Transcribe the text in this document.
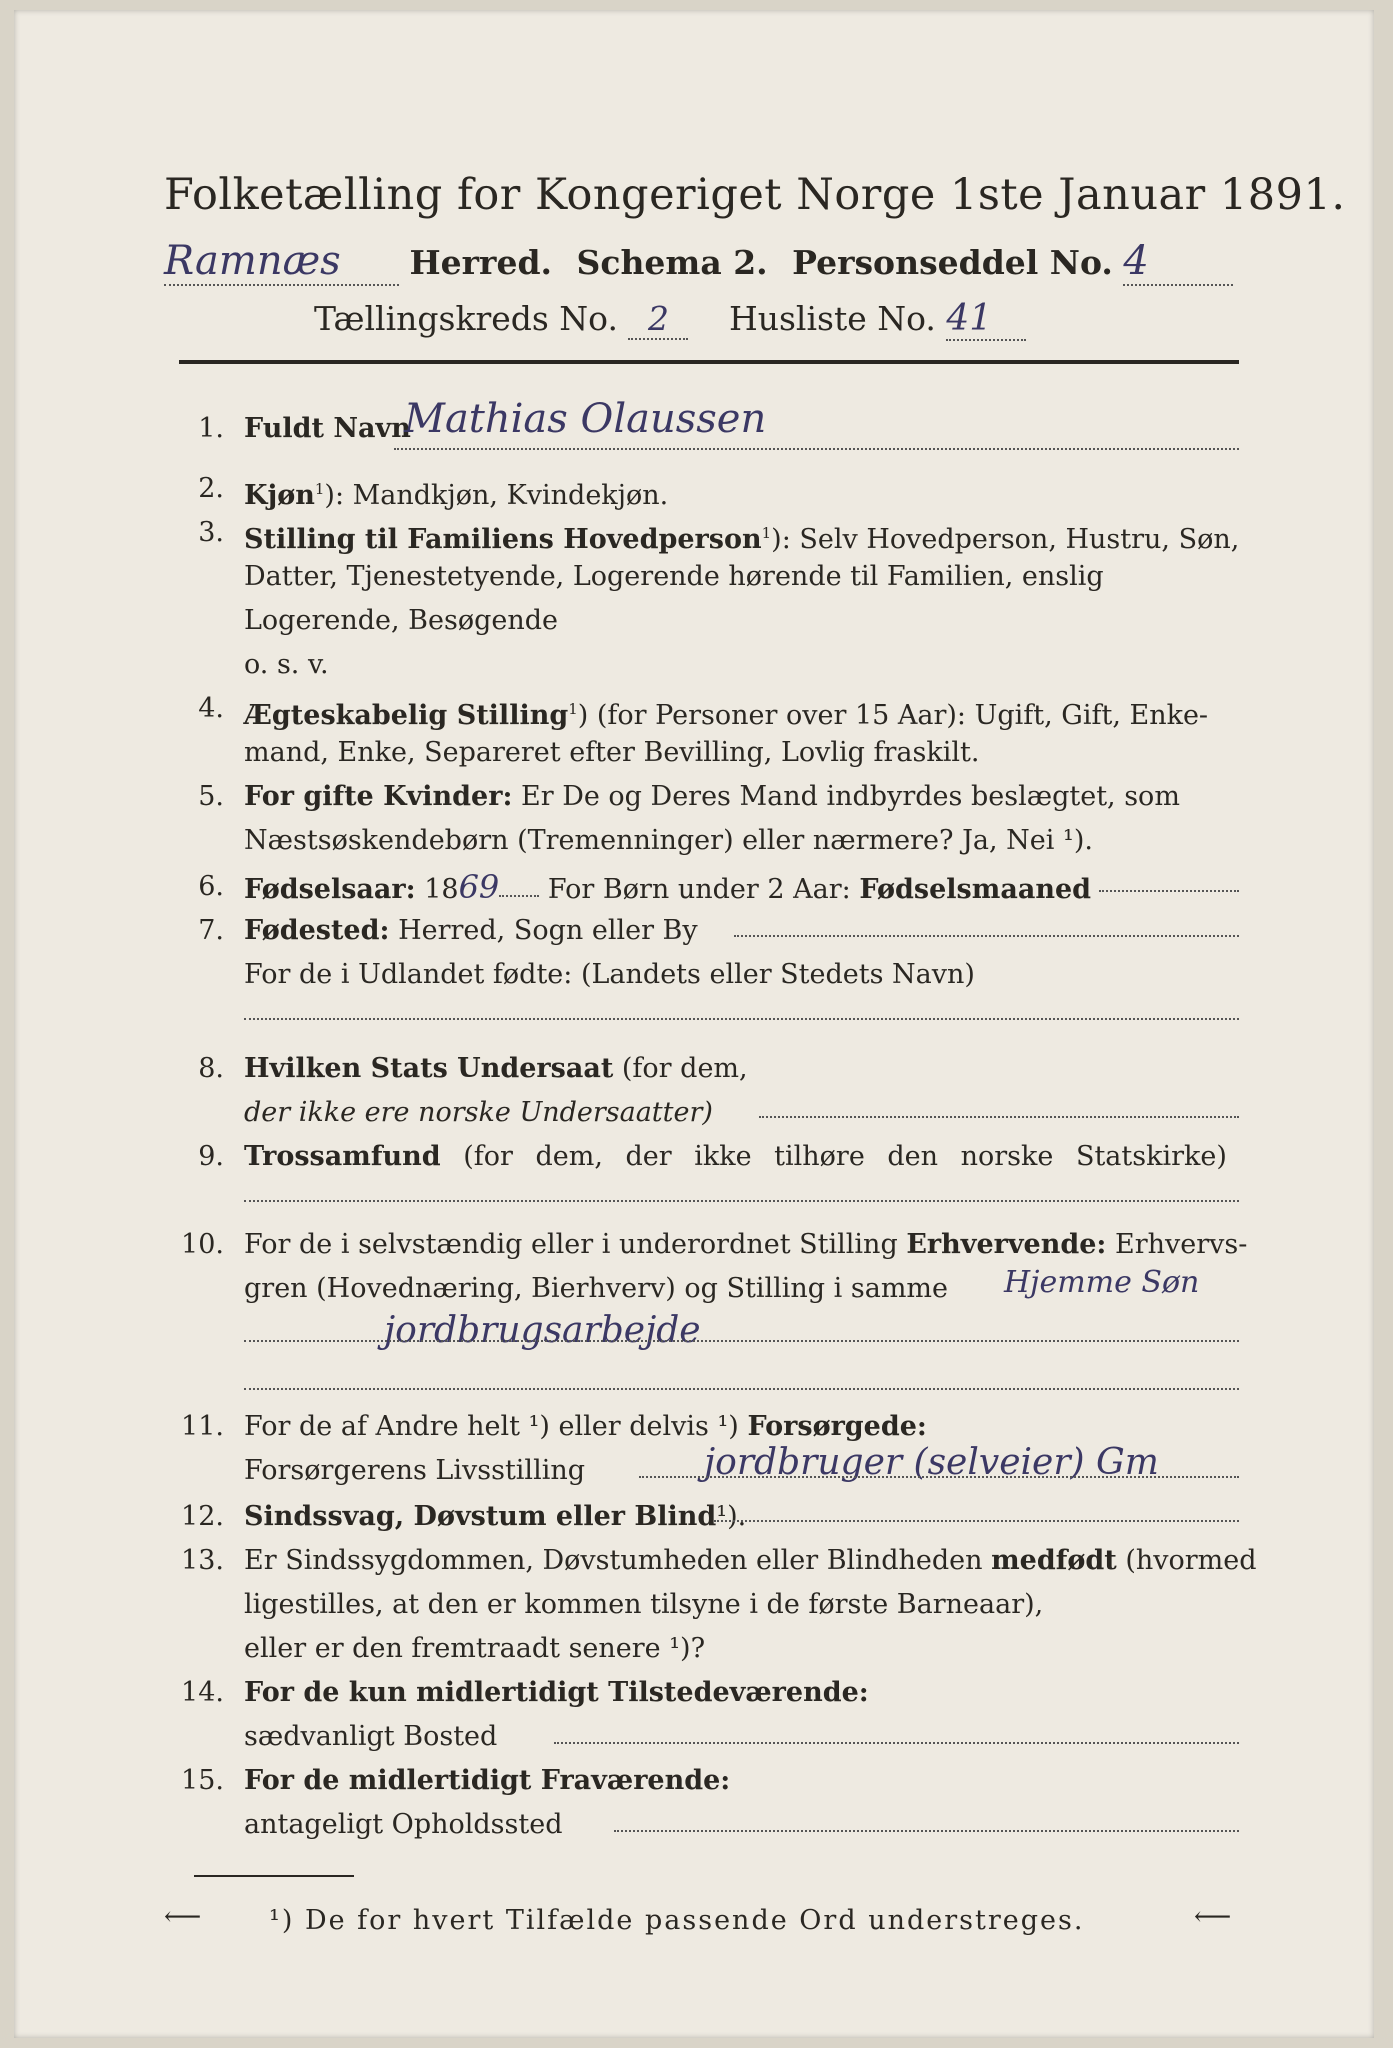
Folketælling for Kongeriget Norge 1ste Januar 1891.
Ramnæs Herred. Schema 2. Personseddel No. 4
Tællingskreds No. 2 Husliste No. 41
1. Fuldt Navn
Mathias Olaussen
2. Kjøn$^1$): Mandkjøn, Kvindekjøn.
3. Stilling til Familiens Hovedperson$^1$): Selv Hovedperson, Hustru, Søn,
Datter, Tjenestetyende, Logerende hørende til Familien, enslig
Logerende, Besøgende
o. s. v.
4. Ægteskabelig Stilling$^1$) (for Personer over 15 Aar): Ugift, Gift, Enke-
mand, Enke, Separeret efter Bevilling, Lovlig fraskilt.
5. For gifte Kvinder: Er De og Deres Mand indbyrdes beslægtet, som
Næstsøskendebørn (Tremenninger) eller nærmere? Ja, Nei ¹).
6. Fødselsaar: 1869 For Børn under 2 Aar: Fødselsmaaned
7. Fødested: Herred, Sogn eller By
For de i Udlandet fødte: (Landets eller Stedets Navn)
8. Hvilken Stats Undersaat (for dem,
der ikke ere norske Undersaatter)
9. Trossamfund (for dem, der ikke tilhøre den norske Statskirke)
10. For de i selvstændig eller i underordnet Stilling Erhvervende: Erhvervs-
gren (Hovednæring, Bierhverv) og Stilling i samme Hjemme Søn
jordbrugsarbejde
11. For de af Andre helt ¹) eller delvis ¹) Forsørgede:
Forsørgerens Livsstilling	jordbruger (selveier) Gm
12. Sindssvag, Døvstum eller Blind¹).
13. Er Sindssygdommen, Døvstumheden eller Blindheden medfødt (hvormed
ligestilles, at den er kommen tilsyne i de første Barneaar),
eller er den fremtraadt senere ¹)?
14. For de kun midlertidigt Tilstedeværende:
sædvanligt Bosted
15. For de midlertidigt Fraværende:
antageligt Opholdssted
⟵	¹) De for hvert Tilfælde passende Ord understreges.	⟵
